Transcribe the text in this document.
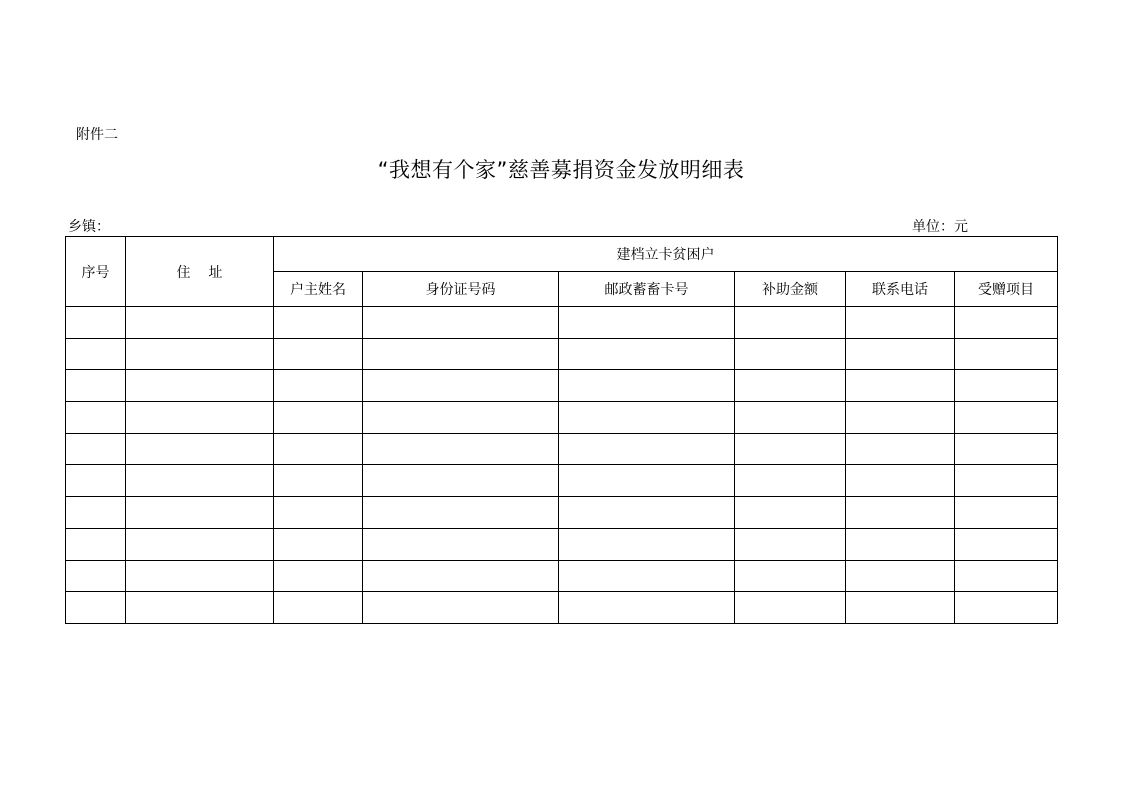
附件二
“我想有个家”慈善募捐资金发放明细表
乡镇：	单位：元
序号	住址	建档立卡贫困户					
		户主姓名	身份证号码	邮政蓄畜卡号	补助金额	联系电话	受赠项目
